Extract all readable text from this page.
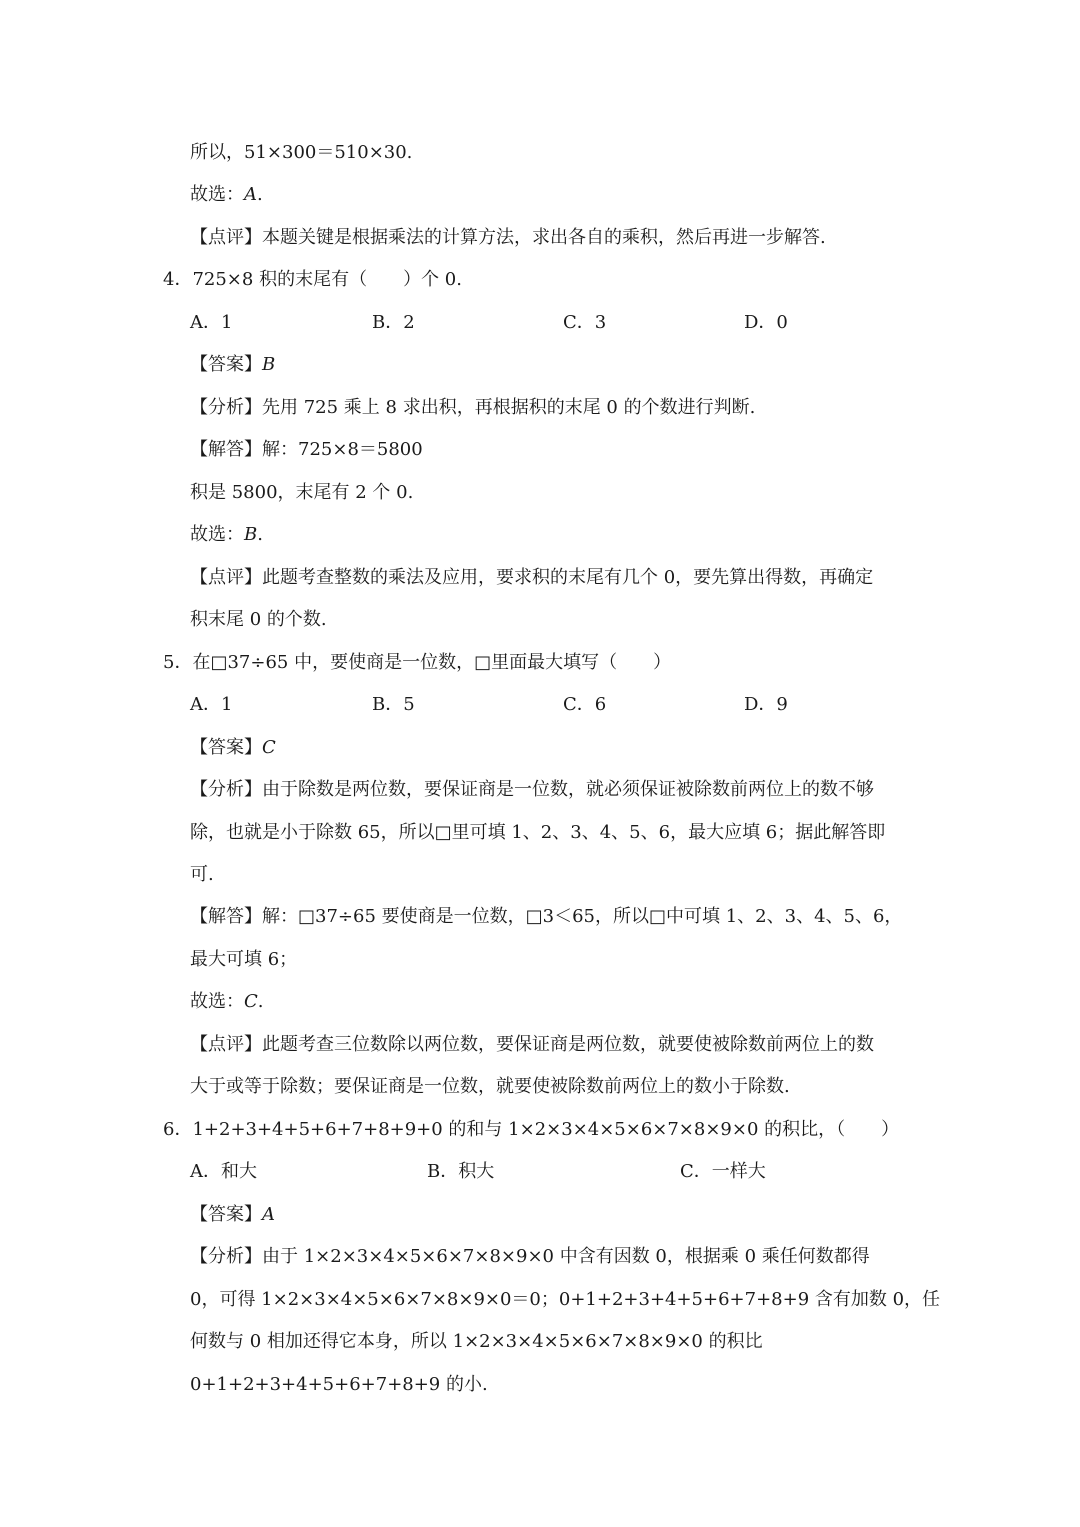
所以，51×300＝510×30.
故选：A.
【点评】本题关键是根据乘法的计算方法，求出各自的乘积，然后再进一步解答.
4．725×8 积的末尾有（　　）个 0.
A．1	B．2	C．3	D．0
【答案】B
【分析】先用 725 乘上 8 求出积，再根据积的末尾 0 的个数进行判断.
【解答】解：725×8＝5800
积是 5800，末尾有 2 个 0.
故选：B.
【点评】此题考查整数的乘法及应用，要求积的末尾有几个 0，要先算出得数，再确定
积末尾 0 的个数.
5．在□37÷65 中，要使商是一位数，□里面最大填写（　　）
A．1	B．5	C．6	D．9
【答案】C
【分析】由于除数是两位数，要保证商是一位数，就必须保证被除数前两位上的数不够
除，也就是小于除数 65，所以□里可填 1、2、3、4、5、6，最大应填 6；据此解答即
可.
【解答】解：□37÷65 要使商是一位数，□3＜65，所以□中可填 1、2、3、4、5、6，
最大可填 6；
故选：C.
【点评】此题考查三位数除以两位数，要保证商是两位数，就要使被除数前两位上的数
大于或等于除数；要保证商是一位数，就要使被除数前两位上的数小于除数.
6．1+2+3+4+5+6+7+8+9+0 的和与 1×2×3×4×5×6×7×8×9×0 的积比，（　　）
A．和大	B．积大	C．一样大
【答案】A
【分析】由于 1×2×3×4×5×6×7×8×9×0 中含有因数 0，根据乘 0 乘任何数都得
0，可得 1×2×3×4×5×6×7×8×9×0＝0；0+1+2+3+4+5+6+7+8+9 含有加数 0，任
何数与 0 相加还得它本身，所以 1×2×3×4×5×6×7×8×9×0 的积比
0+1+2+3+4+5+6+7+8+9 的小.
